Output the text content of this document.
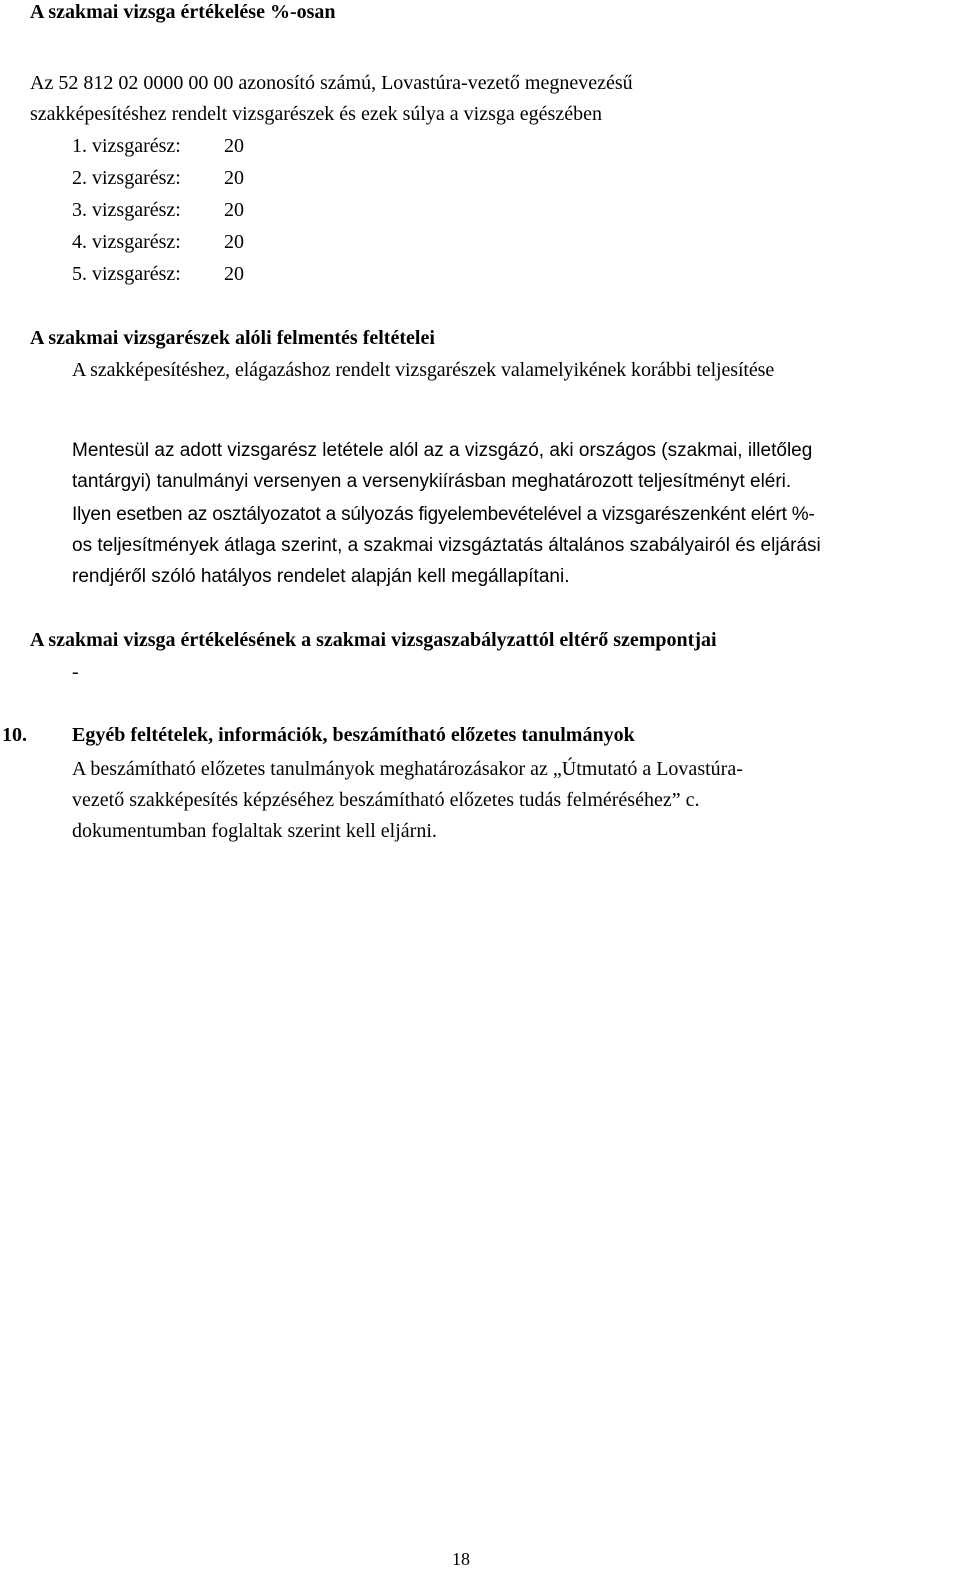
A szakmai vizsga értékelése %-osan
Az 52 812 02 0000 00 00 azonosító számú, Lovastúra-vezető megnevezésű
szakképesítéshez rendelt vizsgarészek és ezek súlya a vizsga egészében
1. vizsgarész: 20
2. vizsgarész: 20
3. vizsgarész: 20
4. vizsgarész: 20
5. vizsgarész: 20
A szakmai vizsgarészek alóli felmentés feltételei
A szakképesítéshez, elágazáshoz rendelt vizsgarészek valamelyikének korábbi teljesítése
Mentesül az adott vizsgarész letétele alól az a vizsgázó, aki országos (szakmai, illetőleg
tantárgyi) tanulmányi versenyen a versenykiírásban meghatározott teljesítményt eléri.
Ilyen esetben az osztályozatot a súlyozás figyelembevételével a vizsgarészenként elért %-
os teljesítmények átlaga szerint, a szakmai vizsgáztatás általános szabályairól és eljárási
rendjéről szóló hatályos rendelet alapján kell megállapítani.
A szakmai vizsga értékelésének a szakmai vizsgaszabályzattól eltérő szempontjai
-
10. Egyéb feltételek, információk, beszámítható előzetes tanulmányok
A beszámítható előzetes tanulmányok meghatározásakor az „Útmutató a Lovastúra-
vezető szakképesítés képzéséhez beszámítható előzetes tudás felméréséhez” c.
dokumentumban foglaltak szerint kell eljárni.
18
